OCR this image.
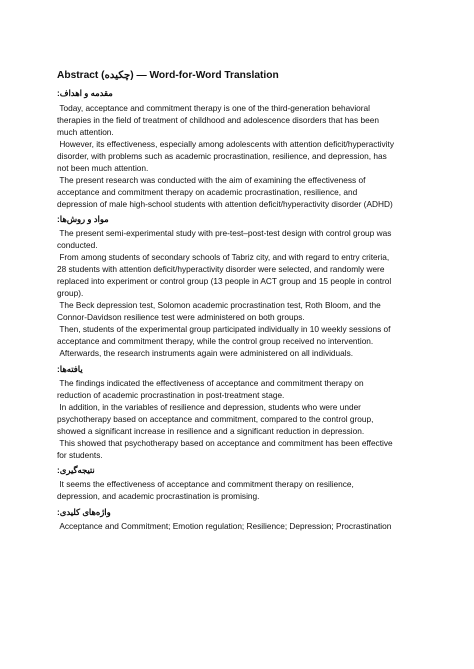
Abstract (چکیده) — Word-for-Word Translation
مقدمه و اهداف:

Today, acceptance and commitment therapy is one of the third-generation behavioral
therapies in the field of treatment of childhood and adolescence disorders that has been
much attention.

However, its effectiveness, especially among adolescents with attention deficit/hyperactivity
disorder, with problems such as academic procrastination, resilience, and depression, has
not been much attention.

The present research was conducted with the aim of examining the effectiveness of
acceptance and commitment therapy on academic procrastination, resilience, and
depression of male high-school students with attention deficit/hyperactivity disorder (ADHD)

مواد و روش‌ها:

The present semi-experimental study with pre-test–post-test design with control group was
conducted.

From among students of secondary schools of Tabriz city, and with regard to entry criteria,
28 students with attention deficit/hyperactivity disorder were selected, and randomly were
replaced into experiment or control group (13 people in ACT group and 15 people in control
group).

The Beck depression test, Solomon academic procrastination test, Roth Bloom, and the
Connor-Davidson resilience test were administered on both groups.

Then, students of the experimental group participated individually in 10 weekly sessions of
acceptance and commitment therapy, while the control group received no intervention.

Afterwards, the research instruments again were administered on all individuals.

یافته‌ها:

The findings indicated the effectiveness of acceptance and commitment therapy on
reduction of academic procrastination in post-treatment stage.

In addition, in the variables of resilience and depression, students who were under
psychotherapy based on acceptance and commitment, compared to the control group,
showed a significant increase in resilience and a significant reduction in depression.

This showed that psychotherapy based on acceptance and commitment has been effective
for students.

نتیجه‌گیری:

It seems the effectiveness of acceptance and commitment therapy on resilience,
depression, and academic procrastination is promising.

واژه‌های کلیدی:

Acceptance and Commitment; Emotion regulation; Resilience; Depression; Procrastination
